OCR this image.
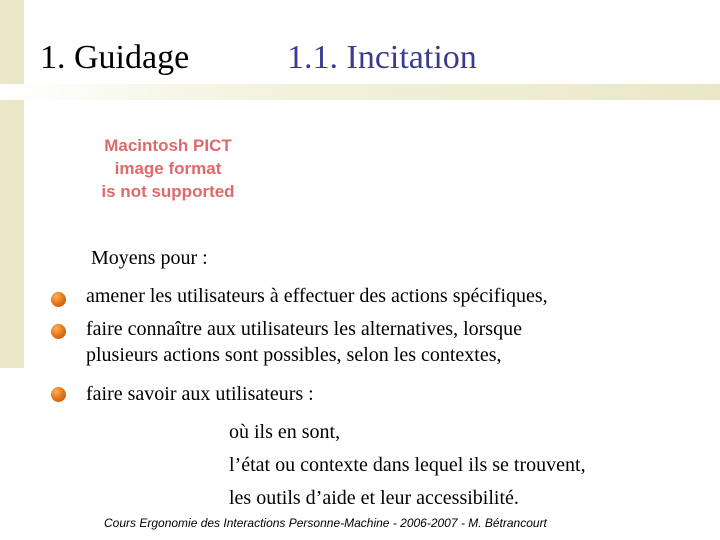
1. Guidage	1.1. Incitation
Macintosh PICT
image format
is not supported
Moyens pour :
amener les utilisateurs à effectuer des actions spécifiques,
faire connaître aux utilisateurs les alternatives, lorsque
plusieurs actions sont possibles, selon les contextes,
faire savoir aux utilisateurs :
où ils en sont,
l’état ou contexte dans lequel ils se trouvent,
les outils d’aide et leur accessibilité.
Cours Ergonomie des Interactions Personne-Machine - 2006-2007 - M. Bétrancourt
